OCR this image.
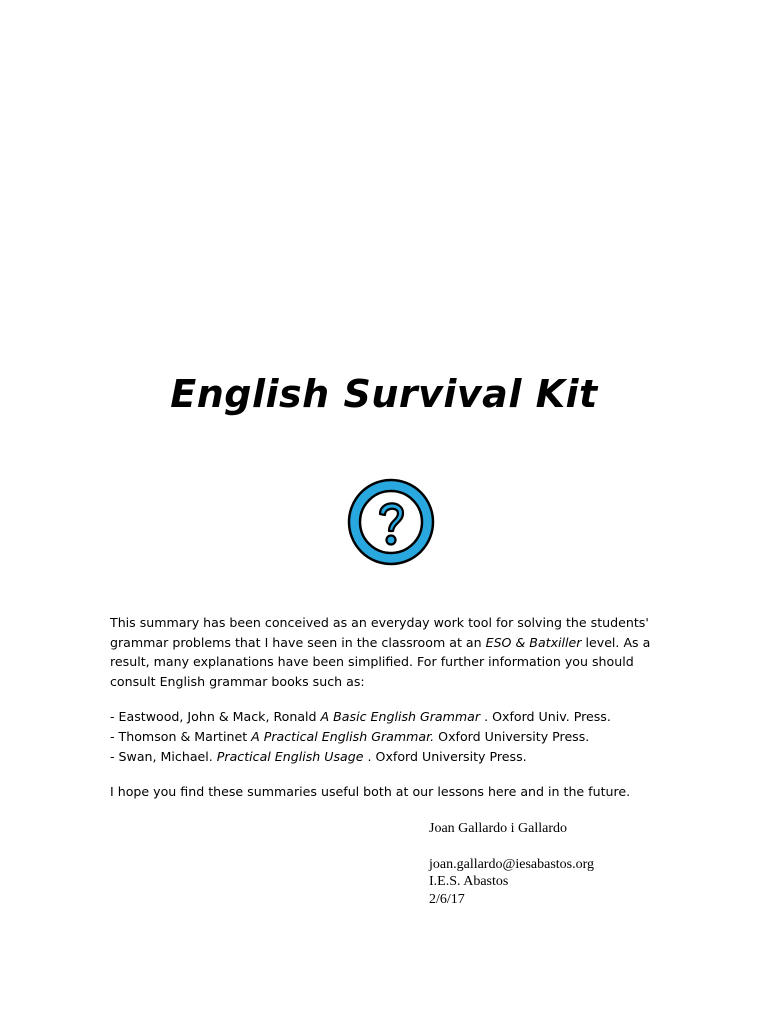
English Survival Kit

This summary has been conceived as an everyday work tool for solving the students' grammar problems that I have seen in the classroom at an ESO & Batxiller level. As a result, many explanations have been simplified. For further information you should consult English grammar books such as:

- Eastwood, John & Mack, Ronald A Basic English Grammar . Oxford Univ. Press.
- Thomson & Martinet A Practical English Grammar. Oxford University Press.
- Swan, Michael. Practical English Usage . Oxford University Press.

I hope you find these summaries useful both at our lessons here and in the future.

Joan Gallardo i Gallardo
joan.gallardo@iesabastos.org
I.E.S. Abastos
2/6/17
